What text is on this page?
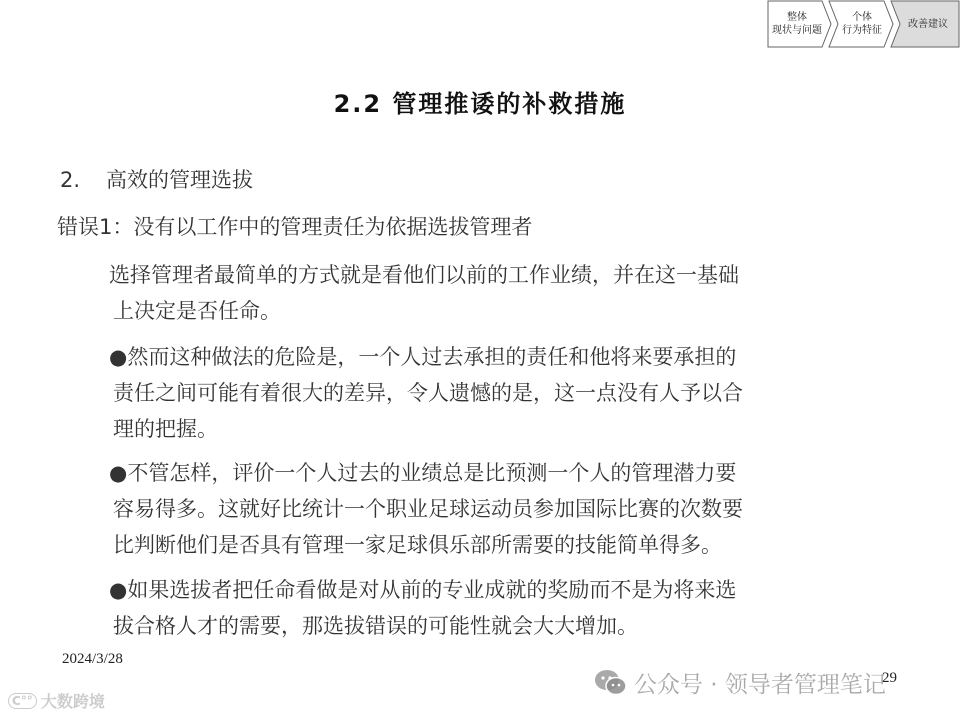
整体
现状与问题
个体
行为特征
改善建议
2.2 管理推诿的补救措施
2. 高效的管理选拔
错误1：没有以工作中的管理责任为依据选拔管理者
选择管理者最简单的方式就是看他们以前的工作业绩，并在这一基础
上决定是否任命。
●然而这种做法的危险是，一个人过去承担的责任和他将来要承担的
责任之间可能有着很大的差异，令人遗憾的是，这一点没有人予以合
理的把握。
●不管怎样，评价一个人过去的业绩总是比预测一个人的管理潜力要
容易得多。这就好比统计一个职业足球运动员参加国际比赛的次数要
比判断他们是否具有管理一家足球俱乐部所需要的技能简单得多。
●如果选拔者把任命看做是对从前的专业成就的奖励而不是为将来选
拔合格人才的需要，那选拔错误的可能性就会大大增加。
2024/3/28
29
C°° 大数跨境
公众号 · 领导者管理笔记
